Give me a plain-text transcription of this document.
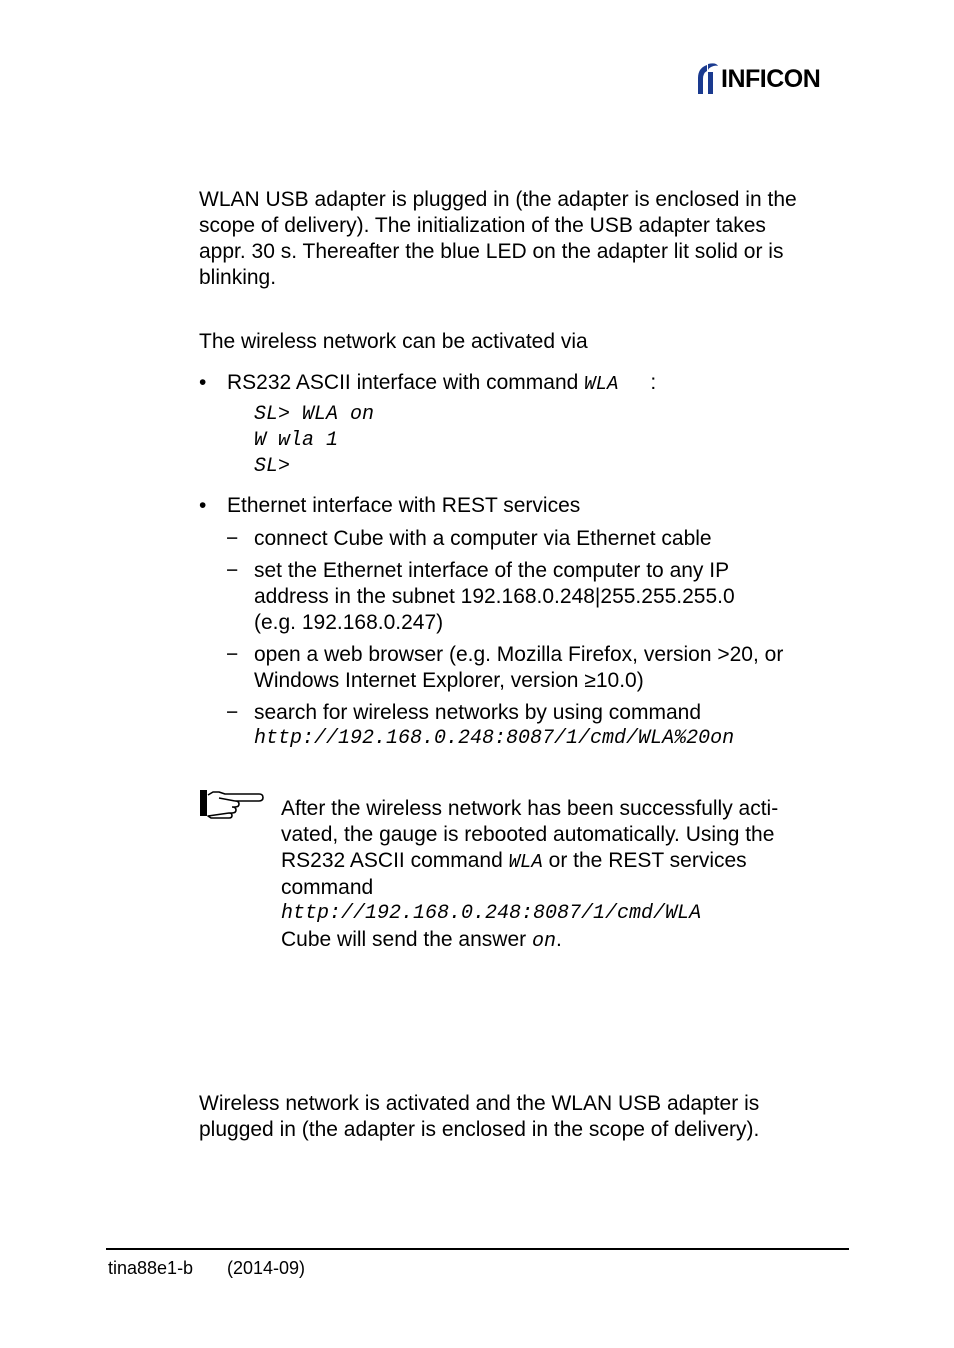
INFICON
WLAN USB adapter is plugged in (the adapter is enclosed in the
scope of delivery). The initialization of the USB adapter takes
appr. 30 s. Thereafter the blue LED on the adapter lit solid or is
blinking.
The wireless network can be activated via
• RS232 ASCII interface with command WLA :
SL> WLA on
W wla 1
SL>
• Ethernet interface with REST services
− connect Cube with a computer via Ethernet cable
− set the Ethernet interface of the computer to any IP
address in the subnet 192.168.0.248|255.255.255.0
(e.g. 192.168.0.247)
− open a web browser (e.g. Mozilla Firefox, version >20, or
Windows Internet Explorer, version ≥10.0)
− search for wireless networks by using command
http://192.168.0.248:8087/1/cmd/WLA%20on
After the wireless network has been successfully acti-
vated, the gauge is rebooted automatically. Using the
RS232 ASCII command WLA or the REST services
command
http://192.168.0.248:8087/1/cmd/WLA
Cube will send the answer on.
Wireless network is activated and the WLAN USB adapter is
plugged in (the adapter is enclosed in the scope of delivery).
tina88e1-b (2014-09)
